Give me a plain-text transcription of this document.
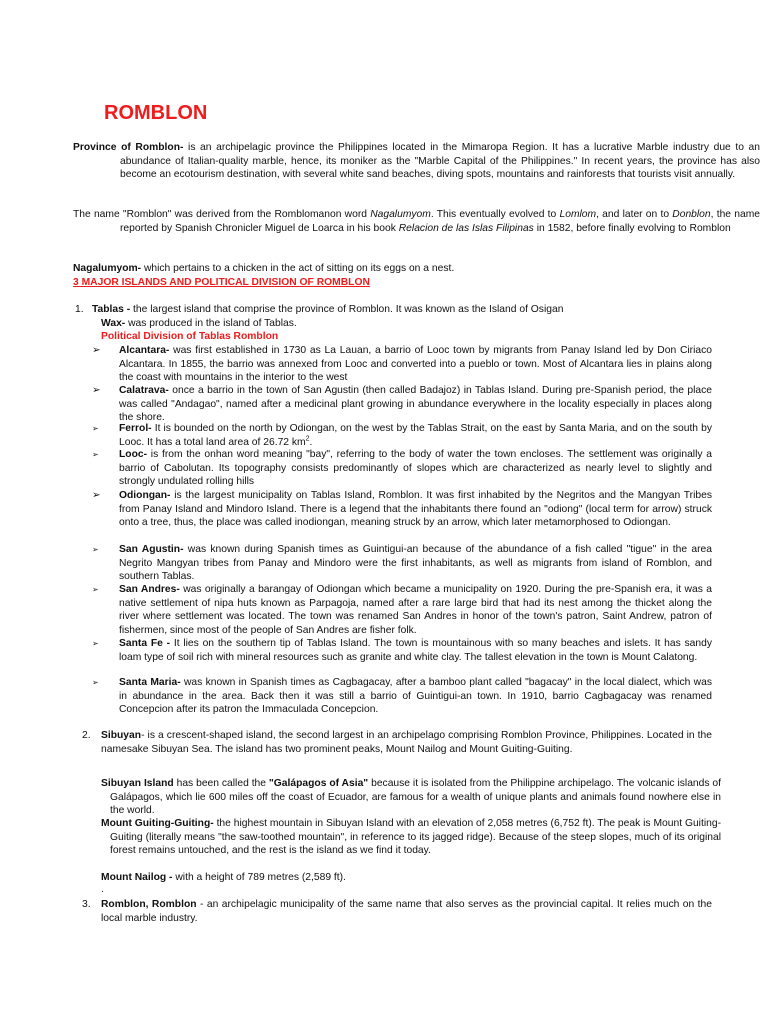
ROMBLON
Province of Romblon- is an archipelagic province the Philippines located in the Mimaropa Region. It has a lucrative Marble industry due to an abundance of Italian-quality marble, hence, its moniker as the "Marble Capital of the Philippines." In recent years, the province has also become an ecotourism destination, with several white sand beaches, diving spots, mountains and rainforests that tourists visit annually.
The name "Romblon" was derived from the Romblomanon word Nagalumyom. This eventually evolved to Lomlom, and later on to Donblon, the name reported by Spanish Chronicler Miguel de Loarca in his book Relacion de las Islas Filipinas in 1582, before finally evolving to Romblon
Nagalumyom- which pertains to a chicken in the act of sitting on its eggs on a nest.
3 MAJOR ISLANDS AND POLITICAL DIVISION OF ROMBLON
1. Tablas - the largest island that comprise the province of Romblon. It was known as the Island of Osigan
Wax- was produced in the island of Tablas.
Political Division of Tablas Romblon
➢	Alcantara- was first established in 1730 as La Lauan, a barrio of Looc town by migrants from Panay Island led by Don Ciriaco Alcantara. In 1855, the barrio was annexed from Looc and converted into a pueblo or town. Most of Alcantara lies in plains along the coast with mountains in the interior to the west
➢	Calatrava- once a barrio in the town of San Agustin (then called Badajoz) in Tablas Island. During pre-Spanish period, the place was called "Andagao", named after a medicinal plant growing in abundance everywhere in the locality especially in places along the shore.
➢	Ferrol- It is bounded on the north by Odiongan, on the west by the Tablas Strait, on the east by Santa Maria, and on the south by Looc. It has a total land area of 26.72 $km^2$.
➢	Looc- is from the onhan word meaning "bay", referring to the body of water the town encloses. The settlement was originally a barrio of Cabolutan. Its topography consists predominantly of slopes which are characterized as nearly level to slightly and strongly undulated rolling hills
➢	Odiongan- is the largest municipality on Tablas Island, Romblon. It was first inhabited by the Negritos and the Mangyan Tribes from Panay Island and Mindoro Island. There is a legend that the inhabitants there found an "odiong" (local term for arrow) struck onto a tree, thus, the place was called inodiongan, meaning struck by an arrow, which later metamorphosed to Odiongan.
➢	San Agustin- was known during Spanish times as Guintigui-an because of the abundance of a fish called "tigue" in the area Negrito Mangyan tribes from Panay and Mindoro were the first inhabitants, as well as migrants from island of Romblon, and southern Tablas.
➢	San Andres- was originally a barangay of Odiongan which became a municipality on 1920. During the pre-Spanish era, it was a native settlement of nipa huts known as Parpagoja, named after a rare large bird that had its nest among the thicket along the river where settlement was located. The town was renamed San Andres in honor of the town's patron, Saint Andrew, patron of fishermen, since most of the people of San Andres are fisher folk.
➢	Santa Fe - It lies on the southern tip of Tablas Island. The town is mountainous with so many beaches and islets. It has sandy loam type of soil rich with mineral resources such as granite and white clay. The tallest elevation in the town is Mount Calatong.
➢	Santa Maria- was known in Spanish times as Cagbagacay, after a bamboo plant called "bagacay" in the local dialect, which was in abundance in the area. Back then it was still a barrio of Guintigui-an town. In 1910, barrio Cagbagacay was renamed Concepcion after its patron the Immaculada Concepcion.
2. Sibuyan- is a crescent-shaped island, the second largest in an archipelago comprising Romblon Province, Philippines. Located in the namesake Sibuyan Sea. The island has two prominent peaks, Mount Nailog and Mount Guiting-Guiting.
Sibuyan Island has been called the "Galápagos of Asia" because it is isolated from the Philippine archipelago. The volcanic islands of Galápagos, which lie 600 miles off the coast of Ecuador, are famous for a wealth of unique plants and animals found nowhere else in the world.
Mount Guiting-Guiting- the highest mountain in Sibuyan Island with an elevation of 2,058 metres (6,752 ft). The peak is Mount Guiting-Guiting (literally means "the saw-toothed mountain", in reference to its jagged ridge). Because of the steep slopes, much of its original forest remains untouched, and the rest is the island as we find it today.
Mount Nailog - with a height of 789 metres (2,589 ft).
.
3. Romblon, Romblon - an archipelagic municipality of the same name that also serves as the provincial capital. It relies much on the local marble industry.
